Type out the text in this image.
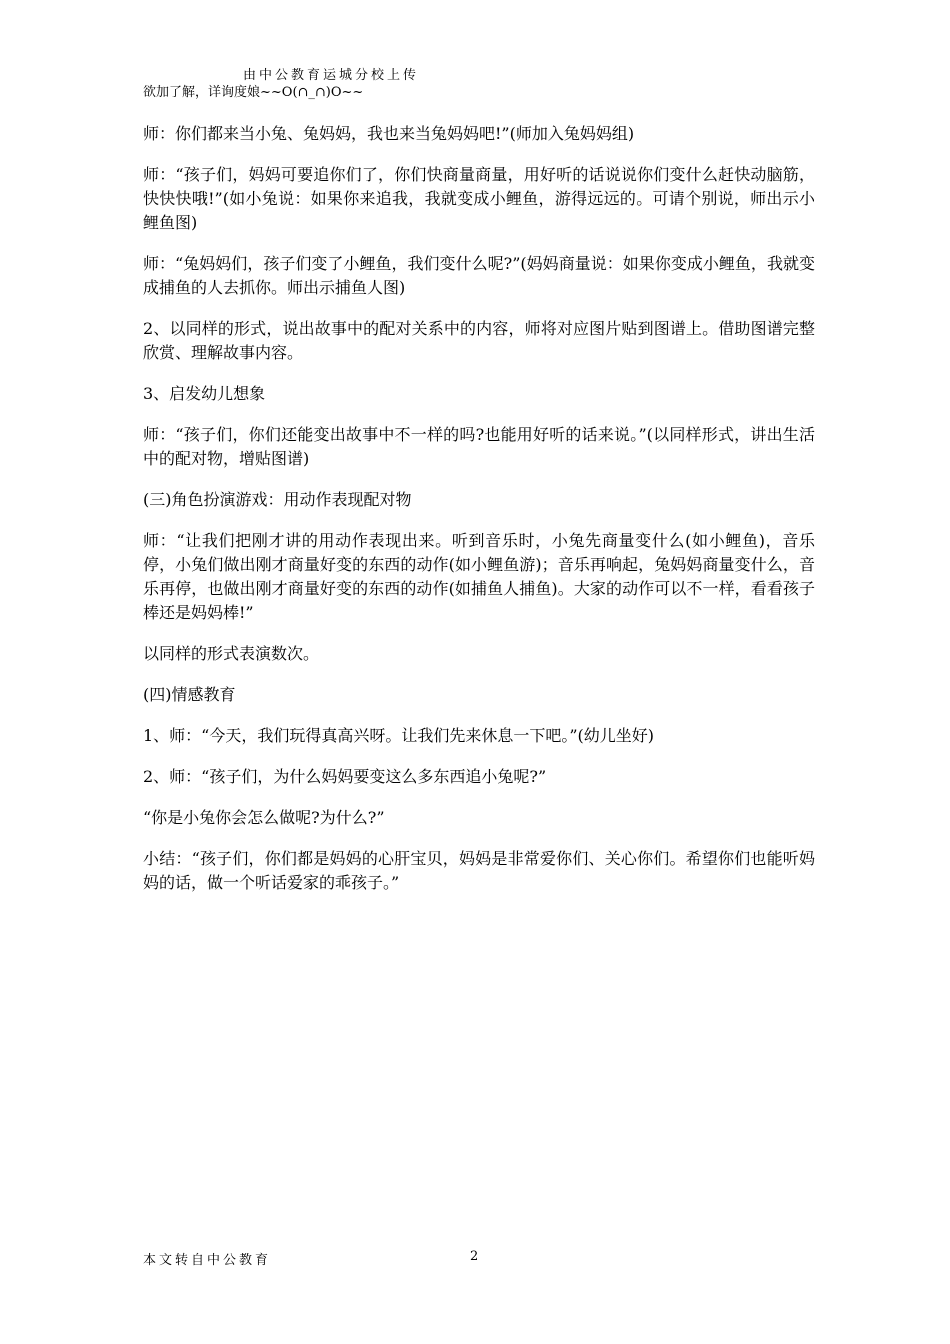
由中公教育运城分校上传
欲加了解，详询度娘~~O(∩_∩)O~~

师：你们都来当小兔、兔妈妈，我也来当兔妈妈吧!”(师加入兔妈妈组)

师：“孩子们，妈妈可要追你们了，你们快商量商量，用好听的话说说你们变什么赶快动脑筋，快快快哦!”(如小兔说：如果你来追我，我就变成小鲤鱼，游得远远的。可请个别说，师出示小鲤鱼图)

师：“兔妈妈们，孩子们变了小鲤鱼，我们变什么呢?”(妈妈商量说：如果你变成小鲤鱼，我就变成捕鱼的人去抓你。师出示捕鱼人图)

2、以同样的形式，说出故事中的配对关系中的内容，师将对应图片贴到图谱上。借助图谱完整欣赏、理解故事内容。

3、启发幼儿想象

师：“孩子们，你们还能变出故事中不一样的吗?也能用好听的话来说。”(以同样形式，讲出生活中的配对物，增贴图谱)

(三)角色扮演游戏：用动作表现配对物

师：“让我们把刚才讲的用动作表现出来。听到音乐时，小兔先商量变什么(如小鲤鱼)，音乐停，小兔们做出刚才商量好变的东西的动作(如小鲤鱼游)；音乐再响起，兔妈妈商量变什么，音乐再停，也做出刚才商量好变的东西的动作(如捕鱼人捕鱼)。大家的动作可以不一样，看看孩子棒还是妈妈棒!”

以同样的形式表演数次。

(四)情感教育

1、师：“今天，我们玩得真高兴呀。让我们先来休息一下吧。”(幼儿坐好)

2、师：“孩子们，为什么妈妈要变这么多东西追小兔呢?”

“你是小兔你会怎么做呢?为什么?”

小结：“孩子们，你们都是妈妈的心肝宝贝，妈妈是非常爱你们、关心你们。希望你们也能听妈妈的话，做一个听话爱家的乖孩子。”

本文转自中公教育	2
